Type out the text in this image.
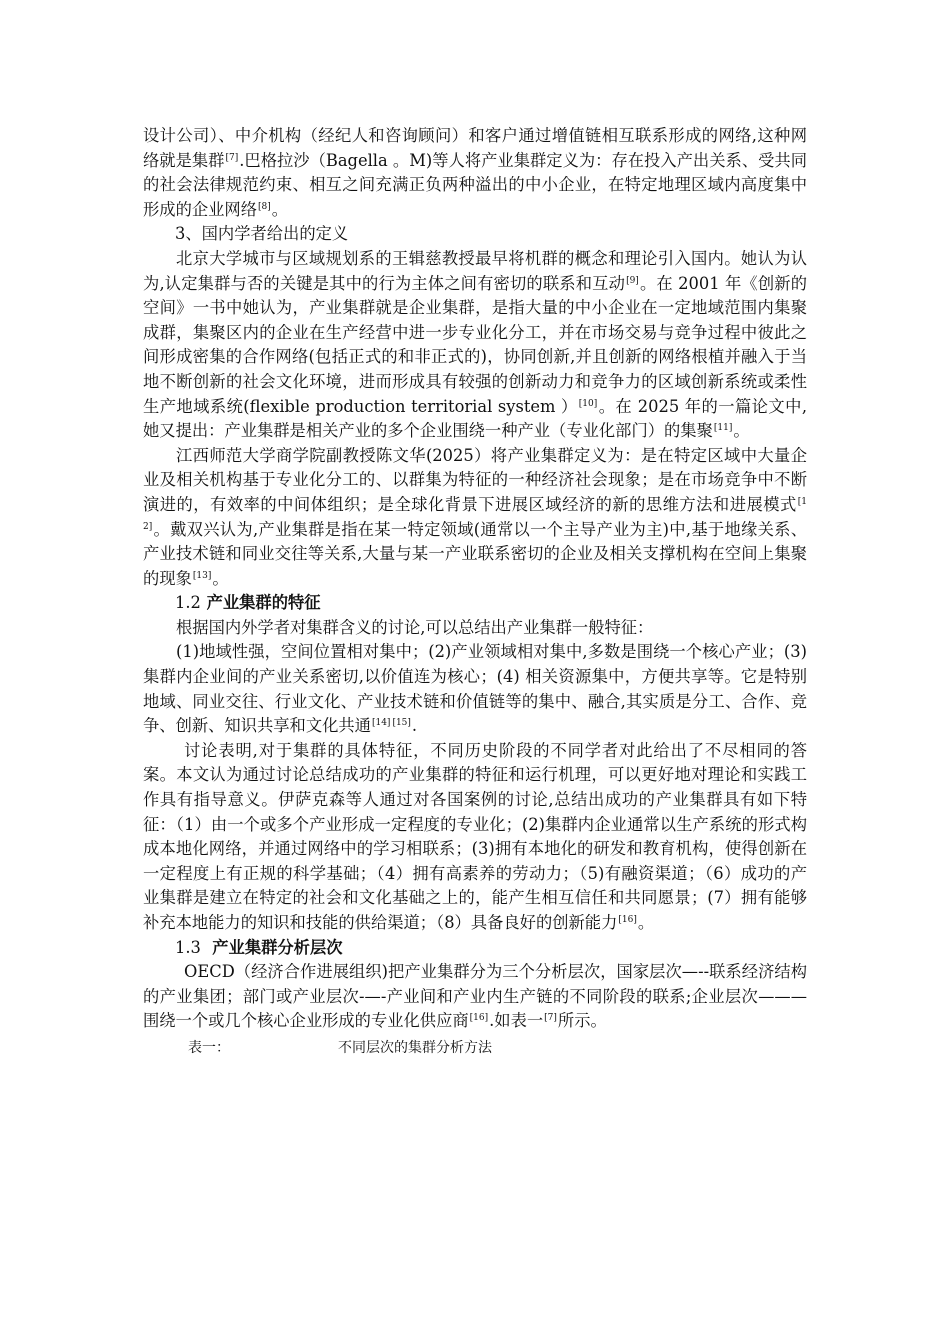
设计公司）、中介机构（经纪人和咨询顾问）和客户通过增值链相互联系形成的网络,这种网络就是集群[7].巴格拉沙（Bagella 。M)等人将产业集群定义为：存在投入产出关系、受共同的社会法律规范约束、相互之间充满正负两种溢出的中小企业，在特定地理区域内高度集中形成的企业网络[8]。

3、国内学者给出的定义

北京大学城市与区域规划系的王辑慈教授最早将机群的概念和理论引入国内。她认为认为,认定集群与否的关键是其中的行为主体之间有密切的联系和互动[9]。在 2001 年《创新的空间》一书中她认为，产业集群就是企业集群，是指大量的中小企业在一定地域范围内集聚成群，集聚区内的企业在生产经营中进一步专业化分工，并在市场交易与竞争过程中彼此之间形成密集的合作网络(包括正式的和非正式的)，协同创新,并且创新的网络根植并融入于当地不断创新的社会文化环境，进而形成具有较强的创新动力和竞争力的区域创新系统或柔性生产地域系统(flexible production territorial system ）[10]。在 2025 年的一篇论文中,她又提出：产业集群是相关产业的多个企业围绕一种产业（专业化部门）的集聚[11]。

江西师范大学商学院副教授陈文华(2025）将产业集群定义为：是在特定区域中大量企业及相关机构基于专业化分工的、以群集为特征的一种经济社会现象；是在市场竞争中不断演进的，有效率的中间体组织；是全球化背景下进展区域经济的新的思维方法和进展模式[12]。戴双兴认为,产业集群是指在某一特定领域(通常以一个主导产业为主)中,基于地缘关系、产业技术链和同业交往等关系,大量与某一产业联系密切的企业及相关支撑机构在空间上集聚的现象[13]。

1.2 产业集群的特征

根据国内外学者对集群含义的讨论,可以总结出产业集群一般特征：

(1)地域性强，空间位置相对集中；(2)产业领域相对集中,多数是围绕一个核心产业；(3)集群内企业间的产业关系密切,以价值连为核心；(4) 相关资源集中，方便共享等。它是特别地域、同业交往、行业文化、产业技术链和价值链等的集中、融合,其实质是分工、合作、竞争、创新、知识共享和文化共通[14] [15].

讨论表明,对于集群的具体特征，不同历史阶段的不同学者对此给出了不尽相同的答案。本文认为通过讨论总结成功的产业集群的特征和运行机理，可以更好地对理论和实践工作具有指导意义。伊萨克森等人通过对各国案例的讨论,总结出成功的产业集群具有如下特征：（1）由一个或多个产业形成一定程度的专业化；(2)集群内企业通常以生产系统的形式构成本地化网络，并通过网络中的学习相联系；(3)拥有本地化的研发和教育机构，使得创新在一定程度上有正规的科学基础；（4）拥有高素养的劳动力；（5)有融资渠道；（6）成功的产业集群是建立在特定的社会和文化基础之上的，能产生相互信任和共同愿景；(7）拥有能够补充本地能力的知识和技能的供给渠道；（8）具备良好的创新能力[16]。

1.3 产业集群分析层次

OECD（经济合作进展组织)把产业集群分为三个分析层次，国家层次—--联系经济结构的产业集团；部门或产业层次-—-产业间和产业内生产链的不同阶段的联系;企业层次———围绕一个或几个核心企业形成的专业化供应商[16].如表一[7]所示。

表一：	不同层次的集群分析方法
